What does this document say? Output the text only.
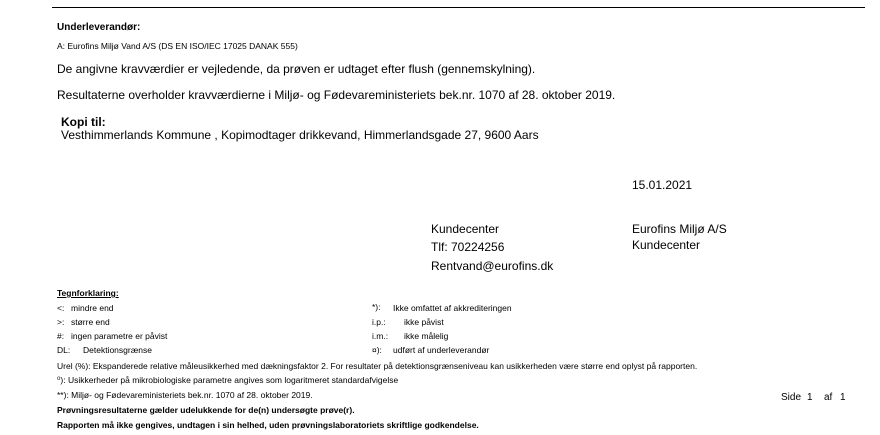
Underleverandør:
A: Eurofins Miljø Vand A/S (DS EN ISO/IEC 17025 DANAK 555)
De angivne kravværdier er vejledende, da prøven er udtaget efter flush (gennemskylning).
Resultaterne overholder kravværdierne i Miljø- og Fødevareministeriets bek.nr. 1070 af 28. oktober 2019.
Kopi til:
Vesthimmerlands Kommune , Kopimodtager drikkevand, Himmerlandsgade 27, 9600 Aars
15.01.2021
Kundecenter
Tlf: 70224256
Rentvand@eurofins.dk
Eurofins Miljø A/S
Kundecenter
Tegnforklaring:
<: mindre end
>: større end
#: ingen parametre er påvist
DL: Detektionsgrænse
*): Ikke omfattet af akkrediteringen
i.p.: ikke påvist
i.m.: ikke målelig
¤): udført af underleverandør
Urel (%): Ekspanderede relative måleusikkerhed med dækningsfaktor 2. For resultater på detektionsgrænseniveau kan usikkerheden være større end oplyst på rapporten.
⁰): Usikkerheder på mikrobiologiske parametre angives som logaritmeret standardafvigelse
**): Miljø- og Fødevareministeriets bek.nr. 1070 af 28. oktober 2019.
Prøvningsresultaterne gælder udelukkende for de(n) undersøgte prøve(r).
Rapporten må ikke gengives, undtagen i sin helhed, uden prøvningslaboratoriets skriftlige godkendelse.
Side 1 af 1
